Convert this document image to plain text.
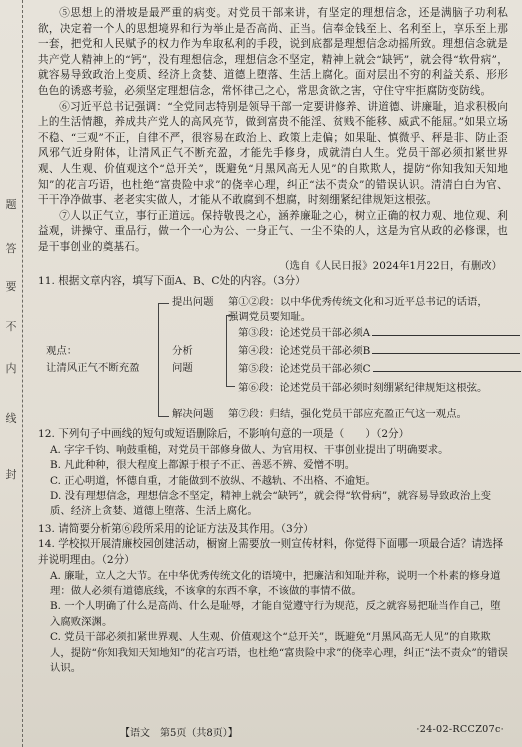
题
答
要
不
内
线
封

⑤思想上的滑坡是最严重的病变。对党员干部来讲，有坚定的理想信念，还是满脑子功利私欲，决定着一个人的思想境界和行为举止是否高尚、正当。信奉金钱至上、名利至上，享乐至上那一套，把党和人民赋予的权力作为牟取私利的手段，说到底都是理想信念动摇所致。理想信念就是共产党人精神上的“钙”，没有理想信念，理想信念不坚定，精神上就会“缺钙”，就会得“软骨病”，就容易导致政治上变质、经济上贪婪、道德上堕落、生活上腐化。面对层出不穷的利益关系、形形色色的诱惑考验，必须坚定理想信念，常怀律己之心，常思贪欲之害，守住守牢拒腐防变防线。

⑥习近平总书记强调：“全党同志特别是领导干部一定要讲修养、讲道德、讲廉耻，追求积极向上的生活情趣，养成共产党人的高风亮节，做到富贵不能淫、贫贱不能移、威武不能屈。”如果立场不稳、“三观”不正，自律不严，很容易在政治上、政策上走偏；如果耻、慎微乎、秤是非、防止歪风邪气近身附体，让清风正气不断充盈，才能先手修身，成就清白人生。党员干部必须扣紧世界观、人生观、价值观这个“总开关”，既避免“月黑风高无人见”的自欺欺人，提防“你知我知天知地知”的花言巧语，也杜绝“富贵险中求”的侥幸心理，纠正“法不责众”的错误认识。清清白白为官、干干净净做事、老老实实做人，才能从不敢腐到不想腐，时刻绷紧纪律规矩这根弦。

⑦人以正气立，事行正道远。保持敬畏之心，涵养廉耻之心，树立正确的权力观、地位观、利益观，讲操守、重品行，做一个一心为公、一身正气、一尘不染的人，这是为官从政的必修课，也是干事创业的奠基石。

（选自《人民日报》2024年1月22日，有删改）

11. 根据文章内容，填写下面A、B、C处的内容。（3分）

观点：
让清风正气不断充盈
提出问题 第①②段：以中华优秀传统文化和习近平总书记的话语，
强调党员要知耻。
分析
问题
第③段：论述党员干部必须A
第④段：论述党员干部必须B
第⑤段：论述党员干部必须C
第⑥段：论述党员干部必须时刻绷紧纪律规矩这根弦。
解决问题 第⑦段：归结，强化党员干部应充盈正气这一观点。

12. 下列句子中画线的短句或短语删除后，不影响句意的一项是（　　）（2分）

A. 字字千钧、响鼓重槌，对党员干部修身做人、为官用权、干事创业提出了明确要求。

B. 凡此种种，很大程度上都源于根子不正、善恶不辨、爱憎不明。

C. 正心明道，怀德自重，才能做到不放纵、不越轨、不出格、不逾矩。

D. 没有理想信念，理想信念不坚定，精神上就会“缺钙”，就会得“软骨病”，就容易导致政治上变质、经济上贪婪、道德上堕落、生活上腐化。

13. 请简要分析第⑥段所采用的论证方法及其作用。（3分）

14. 学校拟开展清廉校园创建活动，橱窗上需要放一则宣传材料，你觉得下面哪一项最合适？请选择并说明理由。（2分）

A. 廉耻，立人之大节。在中华优秀传统文化的语境中，把廉洁和知耻并称，说明一个朴素的修身道理：做人必须有道德底线，不该拿的东西不拿，不该做的事情不做。

B. 一个人明确了什么是高尚、什么是耻辱，才能自觉遵守行为规范，反之就容易把耻当作自己，堕入腐败深渊。

C. 党员干部必须扣紧世界观、人生观、价值观这个“总开关”，既避免“月黑风高无人见”的自欺欺人，提防“你知我知天知地知”的花言巧语，也杜绝“富贵险中求”的侥幸心理，纠正“法不责众”的错误认识。

【语文　第5页（共8页）】	·24-02-RCCZ07c·
